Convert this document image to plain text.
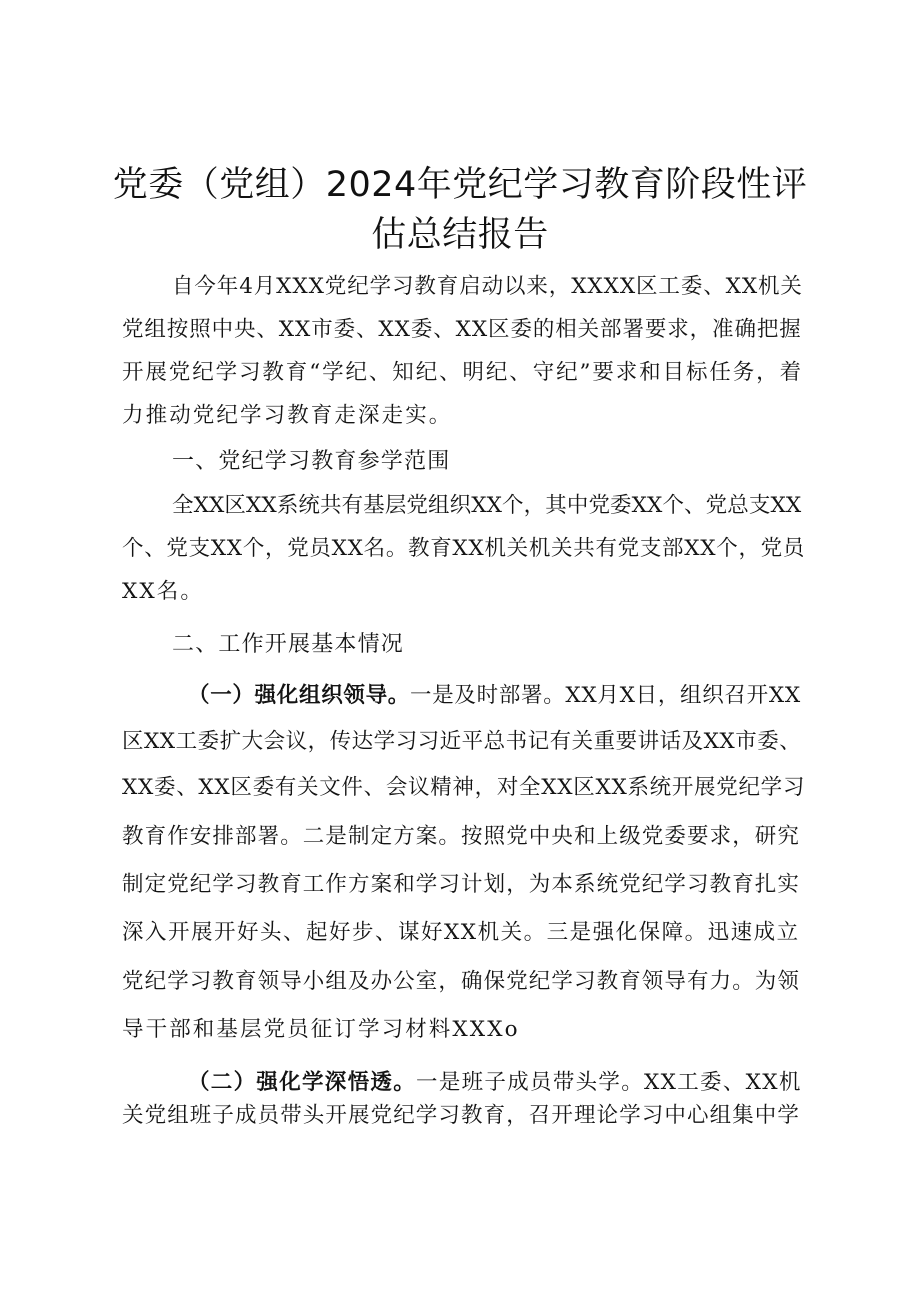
党委（党组）2024年党纪学习教育阶段性评
估总结报告
自今年4月XXX党纪学习教育启动以来，XXXX区工委、XX机关
党组按照中央、XX市委、XX委、XX区委的相关部署要求，准确把握
开展党纪学习教育“学纪、知纪、明纪、守纪”要求和目标任务，着
力推动党纪学习教育走深走实。
一、党纪学习教育参学范围
全XX区XX系统共有基层党组织XX个，其中党委XX个、党总支XX
个、党支XX个，党员XX名。教育XX机关机关共有党支部XX个，党员
XX名。
二、工作开展基本情况
（一）强化组织领导。一是及时部署。XX月X日，组织召开XX
区XX工委扩大会议，传达学习习近平总书记有关重要讲话及XX市委、
XX委、XX区委有关文件、会议精神，对全XX区XX系统开展党纪学习
教育作安排部署。二是制定方案。按照党中央和上级党委要求，研究
制定党纪学习教育工作方案和学习计划，为本系统党纪学习教育扎实
深入开展开好头、起好步、谋好XX机关。三是强化保障。迅速成立
党纪学习教育领导小组及办公室，确保党纪学习教育领导有力。为领
导干部和基层党员征订学习材料XXXo
（二）强化学深悟透。一是班子成员带头学。XX工委、XX机
关党组班子成员带头开展党纪学习教育，召开理论学习中心组集中学
